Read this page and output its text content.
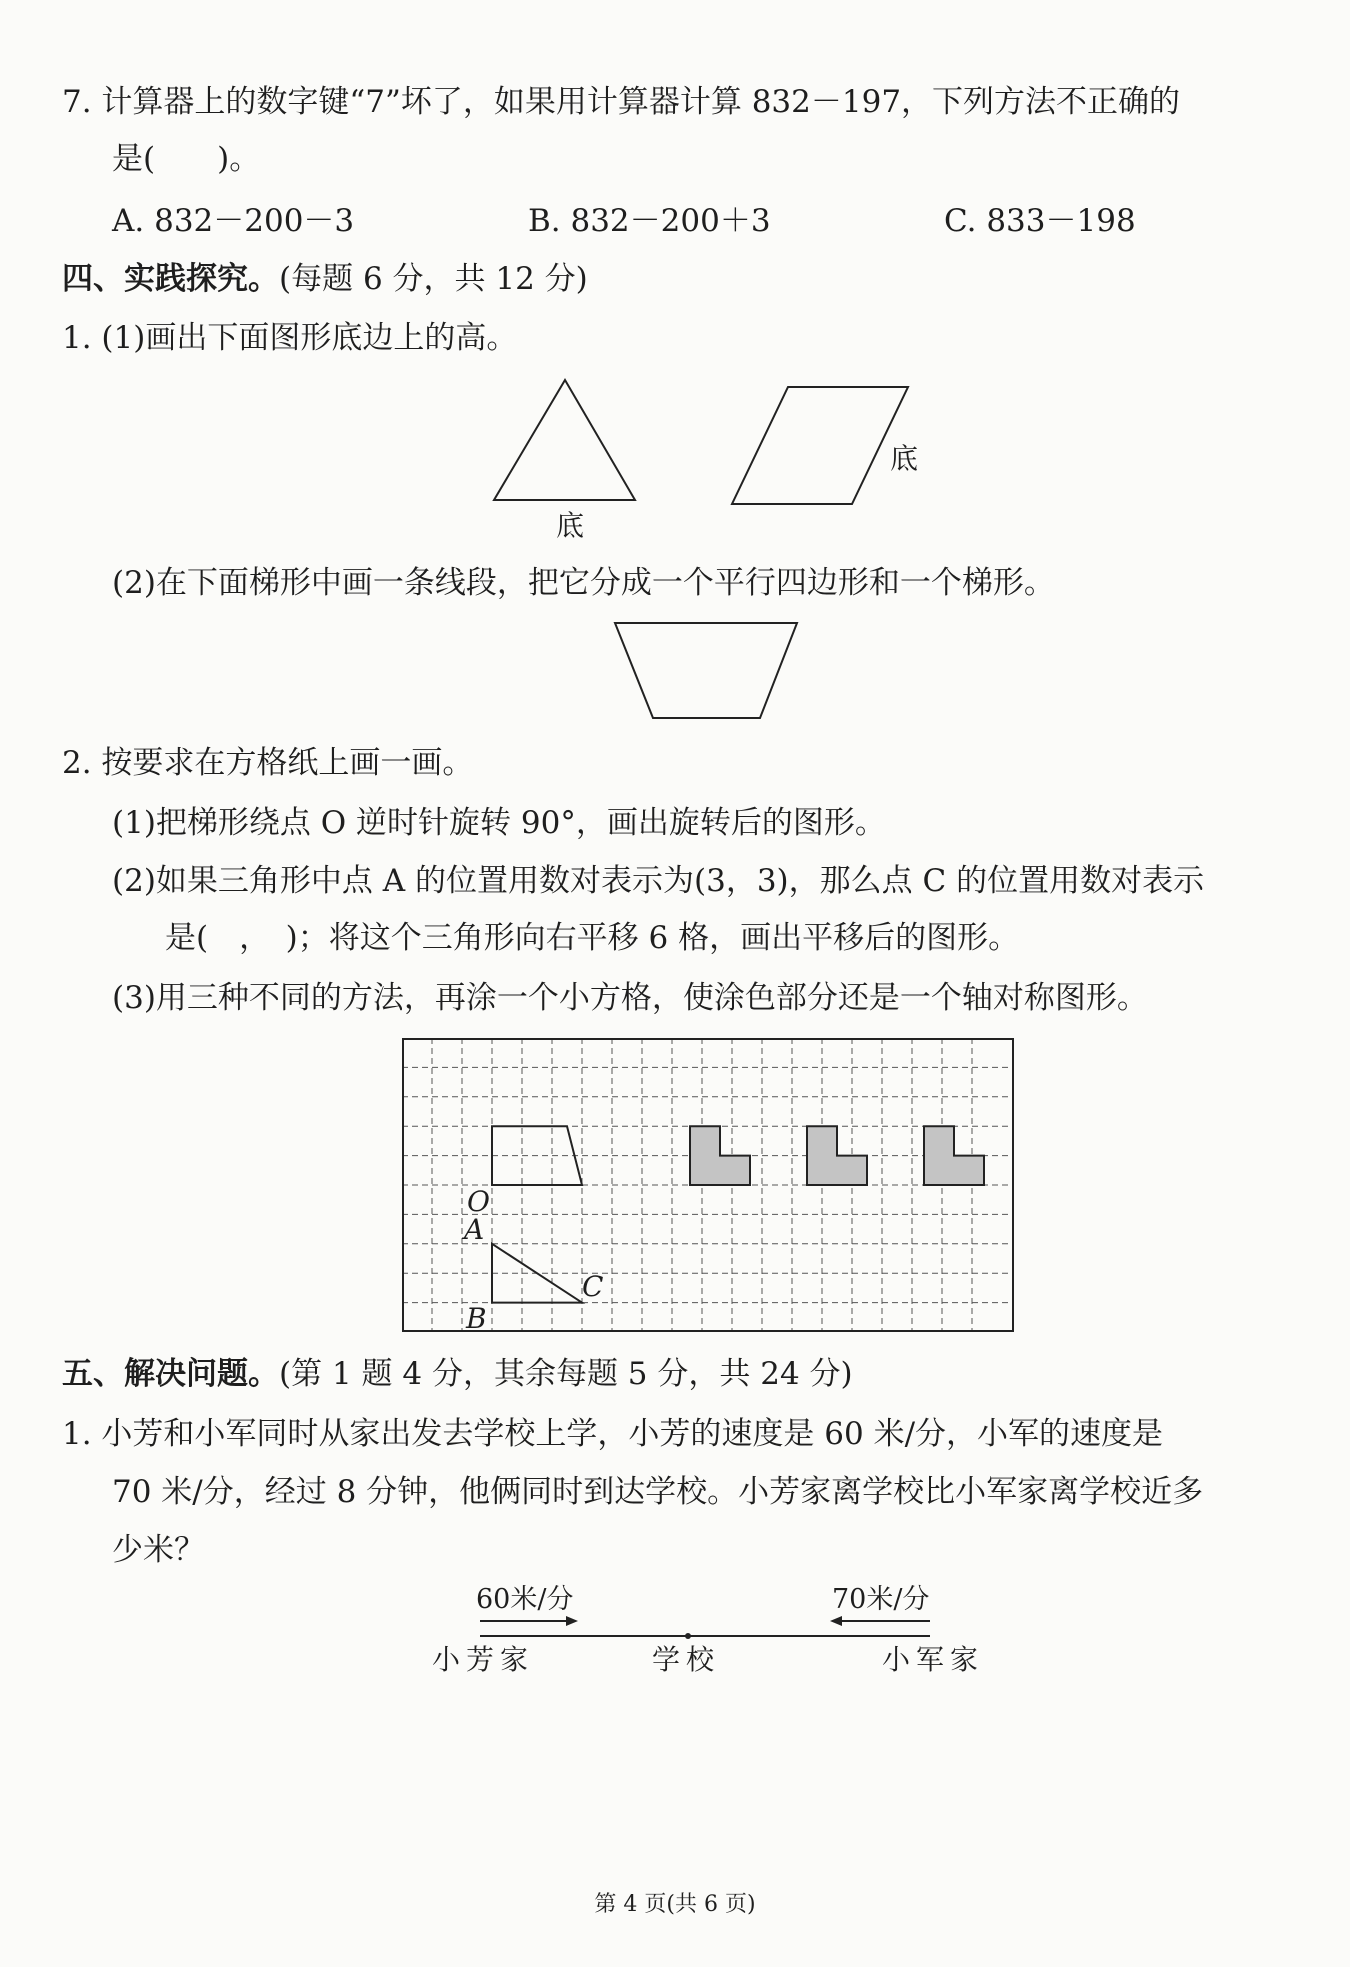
7. 计算器上的数字键“7”坏了，如果用计算器计算 832－197，下列方法不正确的
是(　　)。
A. 832－200－3	B. 832－200＋3	C. 833－198
四、实践探究。(每题 6 分，共 12 分)
1. (1)画出下面图形底边上的高。
底
底
(2)在下面梯形中画一条线段，把它分成一个平行四边形和一个梯形。
2. 按要求在方格纸上画一画。
(1)把梯形绕点 O 逆时针旋转 90°，画出旋转后的图形。
(2)如果三角形中点 A 的位置用数对表示为(3，3)，那么点 C 的位置用数对表示
是(　，　)；将这个三角形向右平移 6 格，画出平移后的图形。
(3)用三种不同的方法，再涂一个小方格，使涂色部分还是一个轴对称图形。
O
A
B
C
五、解决问题。(第 1 题 4 分，其余每题 5 分，共 24 分)
1. 小芳和小军同时从家出发去学校上学，小芳的速度是 60 米/分，小军的速度是
70 米/分，经过 8 分钟，他俩同时到达学校。小芳家离学校比小军家离学校近多
少米？
60米/分	70米/分
小芳家	学校	小军家
第 4 页(共 6 页)
